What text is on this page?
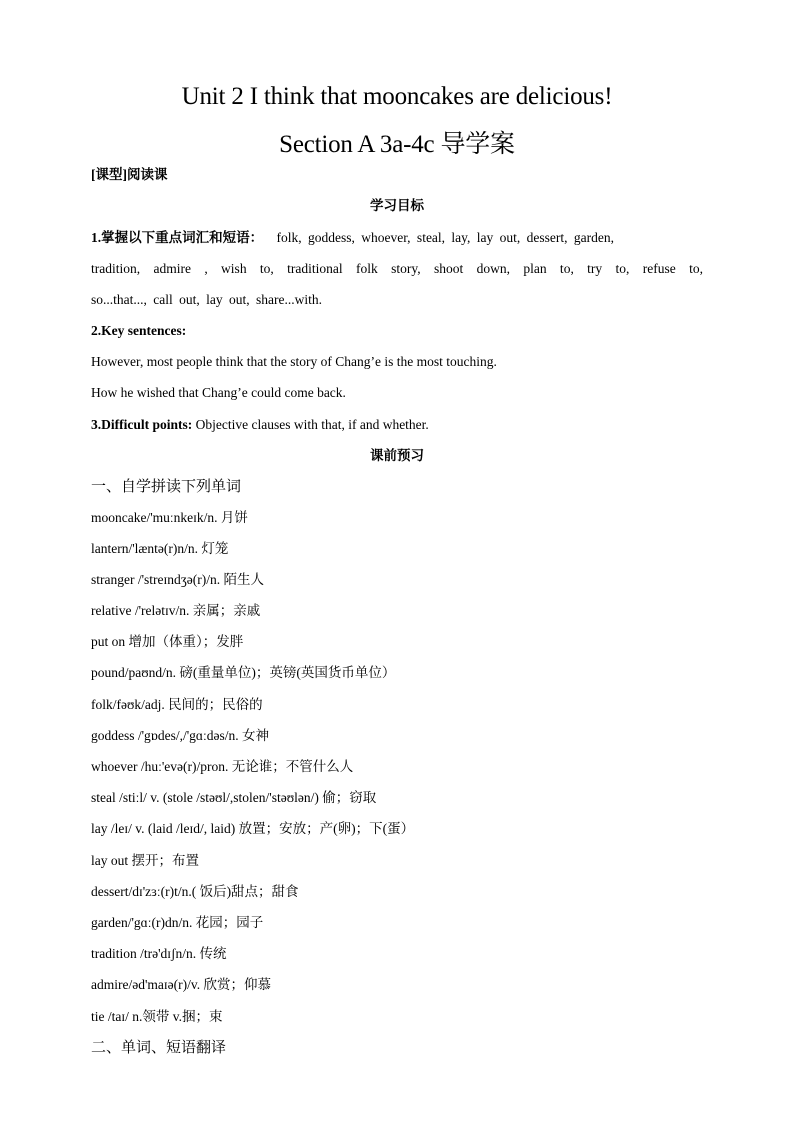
Unit 2 I think that mooncakes are delicious!
Section A 3a-4c 导学案
[课型]阅读课
学习目标
1.掌握以下重点词汇和短语： folk, goddess, whoever, steal, lay, lay out, dessert, garden,
tradition, admire , wish to, traditional folk story, shoot down, plan to, try to, refuse to,
so...that..., call out, lay out, share...with.
2.Key sentences:
However, most people think that the story of Chang’e is the most touching.
How he wished that Chang’e could come back.
3.Difficult points: Objective clauses with that, if and whether.
课前预习
一、自学拼读下列单词
mooncake/'muːnkeɪk/n. 月饼
lantern/'læntə(r)n/n. 灯笼
stranger /'streɪndʒə(r)/n. 陌生人
relative /'relətɪv/n. 亲属；亲戚
put on 增加（体重）；发胖
pound/paʊnd/n. 磅(重量单位)；英镑(英国货币单位）
folk/fəʊk/adj. 民间的；民俗的
goddess /'gɒdes/,/'gɑːdəs/n. 女神
whoever /huː'evə(r)/pron. 无论谁；不管什么人
steal /stiːl/ v. (stole /stəʊl/,stolen/'stəʊlən/) 偷；窃取
lay /leɪ/ v. (laid /leɪd/, laid) 放置；安放；产(卵)；下(蛋）
lay out 摆开；布置
dessert/dɪ'zɜː(r)t/n.( 饭后)甜点；甜食
garden/'gɑː(r)dn/n. 花园；园子
tradition /trə'dɪʃn/n. 传统
admire/əd'maɪə(r)/v. 欣赏；仰慕
tie /taɪ/ n.领带 v.捆；束
二、单词、短语翻译
